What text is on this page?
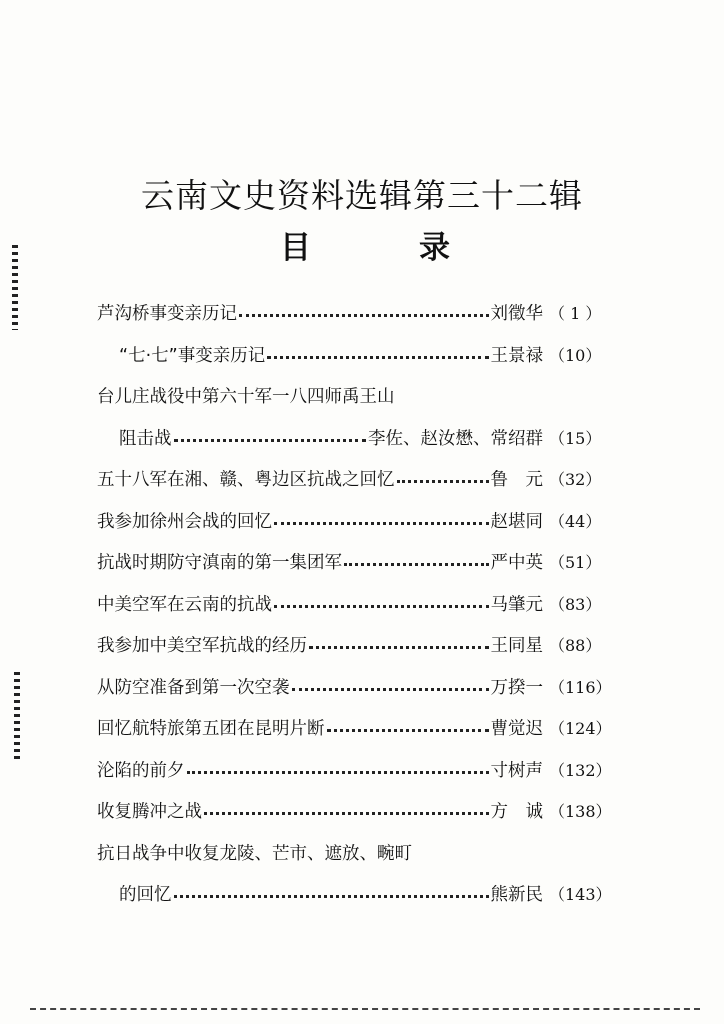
云南文史资料选辑第三十二辑
目	录
芦沟桥事变亲历记	刘徵华 （ 1 ）
“七·七”事变亲历记	王景禄 （10）
台儿庄战役中第六十军一八四师禹王山
阻击战	李佐、赵汝懋、常绍群 （15）
五十八军在湘、赣、粤边区抗战之回忆	鲁　元 （32）
我参加徐州会战的回忆	赵堪同 （44）
抗战时期防守滇南的第一集团军	严中英 （51）
中美空军在云南的抗战	马肇元 （83）
我参加中美空军抗战的经历	王同星 （88）
从防空准备到第一次空袭	万揆一 （116）
回忆航特旅第五团在昆明片断	曹觉迟 （124）
沦陷的前夕	寸树声 （132）
收复腾冲之战	方　诚 （138）
抗日战争中收复龙陵、芒市、遮放、畹町
的回忆	熊新民 （143）
